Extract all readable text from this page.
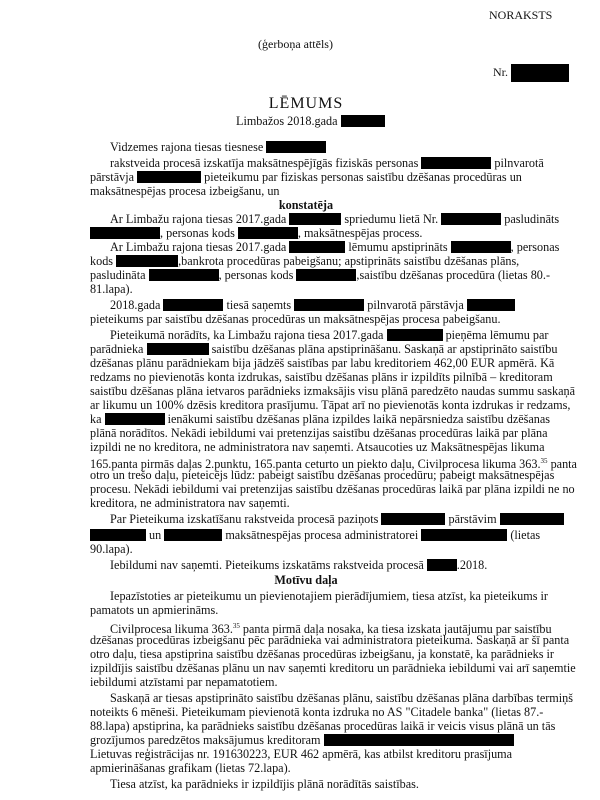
NORAKSTS
(ģerboņa attēls)
Nr.
LĒMUMS
Limbažos 2018.gada
Vidzemes rajona tiesas tiesnese
rakstveida procesā izskatīja maksātnespējīgās fiziskās personas	pilnvarotā
pārstāvja	pieteikumu par fiziskas personas saistību dzēšanas procedūras un
maksātnespējas procesa izbeigšanu, un
konstatēja
Ar Limbažu rajona tiesas 2017.gada	spriedumu lietā Nr.	pasludināts
, personas kods	, maksātnespējas process.
Ar Limbažu rajona tiesas 2017.gada	lēmumu apstiprināts	, personas
kods	,bankrota procedūras pabeigšanu; apstiprināts saistību dzēšanas plāns,
pasludināta	, personas kods	,saistību dzēšanas procedūra (lietas 80.-
81.lapa).
2018.gada	tiesā saņemts	pilnvarotā pārstāvja
pieteikums par saistību dzēšanas procedūras un maksātnespējas procesa pabeigšanu.
Pieteikumā norādīts, ka Limbažu rajona tiesa 2017.gada	pieņēma lēmumu par
parādnieka	saistību dzēšanas plāna apstiprināšanu. Saskaņā ar apstiprināto saistību
dzēšanas plānu parādniekam bija jādzēš saistības par labu kreditoriem 462,00 EUR apmērā. Kā
redzams no pievienotās konta izdrukas, saistību dzēšanas plāns ir izpildīts pilnībā – kreditoram
saistību dzēšanas plāna ietvaros parādnieks izmaksājis visu plānā paredzēto naudas summu saskaņā
ar likumu un 100% dzēsis kreditora prasījumu. Tāpat arī no pievienotās konta izdrukas ir redzams,
ka	ienākumi saistību dzēšanas plāna izpildes laikā nepārsniedza saistību dzēšanas
plānā norādītos. Nekādi iebildumi vai pretenzijas saistību dzēšanas procedūras laikā par plāna
izpildi ne no kreditora, ne administratora nav saņemti. Atsaucoties uz Maksātnespējas likuma
165.panta pirmās daļas 2.punktu, 165.panta ceturto un piekto daļu, Civilprocesa likuma 363.35 panta
otro un trešo daļu, pieteicējs lūdz: pabeigt saistību dzēšanas procedūru; pabeigt maksātnespējas
procesu. Nekādi iebildumi vai pretenzijas saistību dzēšanas procedūras laikā par plāna izpildi ne no
kreditora, ne administratora nav saņemti.
Par Pieteikuma izskatīšanu rakstveida procesā paziņots	pārstāvim
un	maksātnespējas procesa administratorei	(lietas
90.lapa).
Iebildumi nav saņemti. Pieteikums izskatāms rakstveida procesā	.2018.
Motīvu daļa
Iepazīstoties ar pieteikumu un pievienotajiem pierādījumiem, tiesa atzīst, ka pieteikums ir
pamatots un apmierināms.
Civilprocesa likuma 363.35 panta pirmā daļa nosaka, ka tiesa izskata jautājumu par saistību
dzēšanas procedūras izbeigšanu pēc parādnieka vai administratora pieteikuma. Saskaņā ar šī panta
otro daļu, tiesa apstiprina saistību dzēšanas procedūras izbeigšanu, ja konstatē, ka parādnieks ir
izpildījis saistību dzēšanas plānu un nav saņemti kreditoru un parādnieka iebildumi vai arī saņemtie
iebildumi atzīstami par nepamatotiem.
Saskaņā ar tiesas apstiprināto saistību dzēšanas plānu, saistību dzēšanas plāna darbības termiņš
noteikts 6 mēneši. Pieteikumam pievienotā konta izdruka no AS "Citadele banka" (lietas 87.-
88.lapa) apstiprina, ka parādnieks saistību dzēšanas procedūras laikā ir veicis visus plānā un tās
grozījumos paredzētos maksājumus kreditoram
Lietuvas reģistrācijas nr. 191630223, EUR 462 apmērā, kas atbilst kreditoru prasījuma
apmierināšanas grafikam (lietas 72.lapa).
Tiesa atzīst, ka parādnieks ir izpildījis plānā norādītās saistības.
